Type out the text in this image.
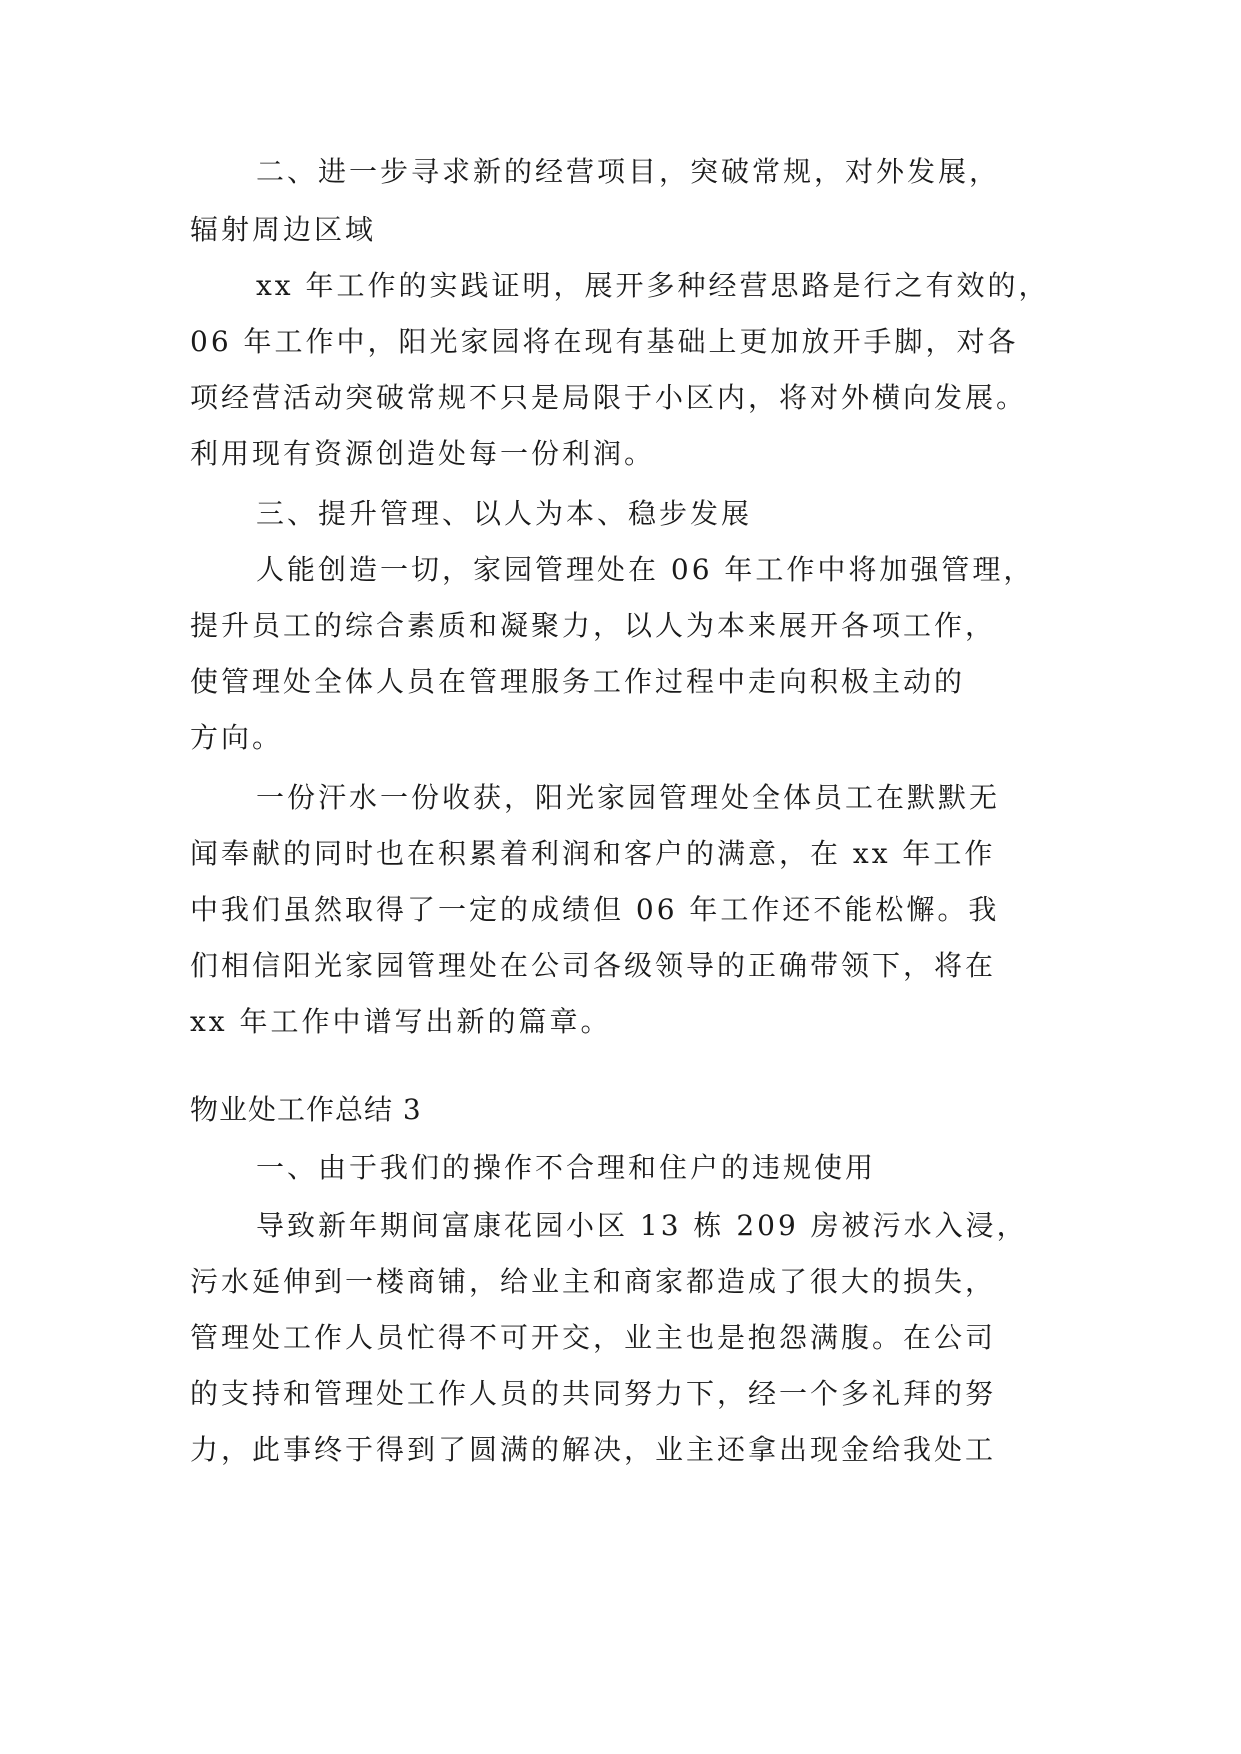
二、进一步寻求新的经营项目，突破常规，对外发展，
辐射周边区域
xx 年工作的实践证明，展开多种经营思路是行之有效的，
06 年工作中，阳光家园将在现有基础上更加放开手脚，对各
项经营活动突破常规不只是局限于小区内，将对外横向发展。
利用现有资源创造处每一份利润。
三、提升管理、以人为本、稳步发展
人能创造一切，家园管理处在 06 年工作中将加强管理，
提升员工的综合素质和凝聚力，以人为本来展开各项工作，
使管理处全体人员在管理服务工作过程中走向积极主动的
方向。
一份汗水一份收获，阳光家园管理处全体员工在默默无
闻奉献的同时也在积累着利润和客户的满意，在 xx 年工作
中我们虽然取得了一定的成绩但 06 年工作还不能松懈。我
们相信阳光家园管理处在公司各级领导的正确带领下，将在
xx 年工作中谱写出新的篇章。
物业处工作总结 3
一、由于我们的操作不合理和住户的违规使用
导致新年期间富康花园小区 13 栋 209 房被污水入浸，
污水延伸到一楼商铺，给业主和商家都造成了很大的损失，
管理处工作人员忙得不可开交，业主也是抱怨满腹。在公司
的支持和管理处工作人员的共同努力下，经一个多礼拜的努
力，此事终于得到了圆满的解决，业主还拿出现金给我处工
